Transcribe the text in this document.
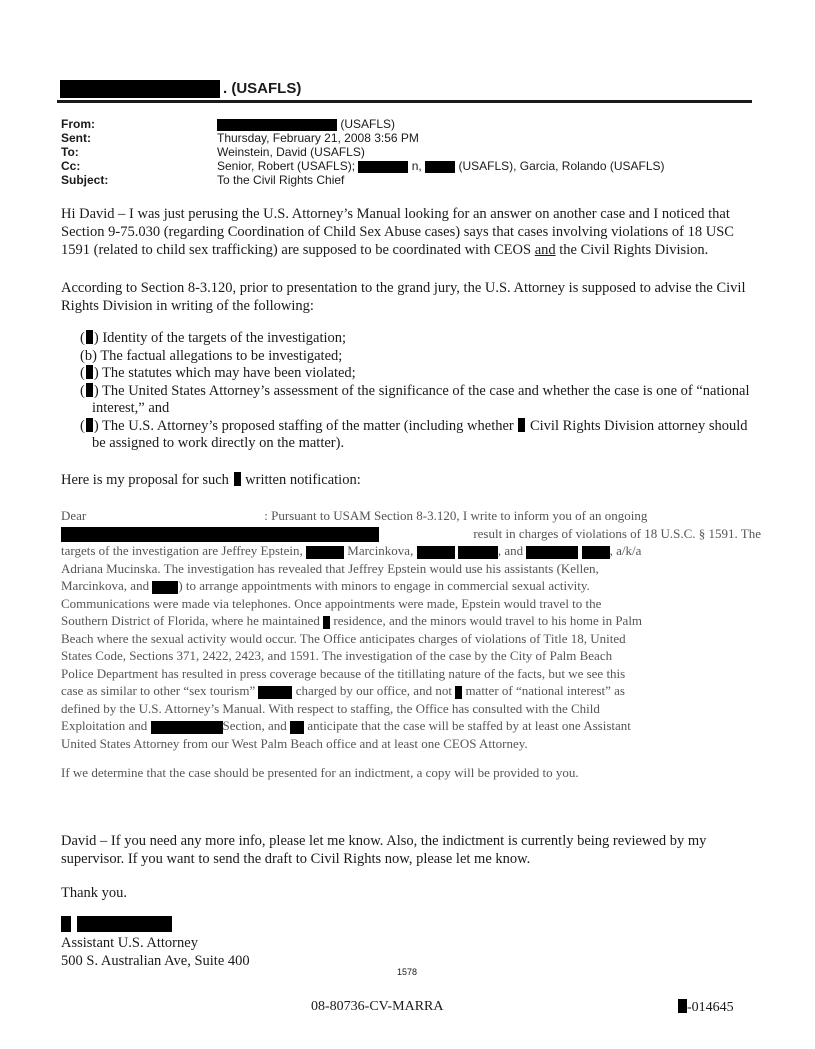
. (USAFLS)
From:	(USAFLS)
Sent:	Thursday, February 21, 2008 3:56 PM
To:	Weinstein, David (USAFLS)
Cc:	Senior, Robert (USAFLS);	n,	(USAFLS), Garcia, Rolando (USAFLS)
Subject:	To the Civil Rights Chief

Hi David – I was just perusing the U.S. Attorney’s Manual looking for an answer on another case and I noticed that Section 9-75.030 (regarding Coordination of Child Sex Abuse cases) says that cases involving violations of 18 USC 1591 (related to child sex trafficking) are supposed to be coordinated with CEOS and the Civil Rights Division.

According to Section 8-3.120, prior to presentation to the grand jury, the U.S. Attorney is supposed to advise the Civil Rights Division in writing of the following:

( ) Identity of the targets of the investigation;
(b) The factual allegations to be investigated;
( ) The statutes which may have been violated;
( ) The United States Attorney’s assessment of the significance of the case and whether the case is one of “national interest,” and
( ) The U.S. Attorney’s proposed staffing of the matter (including whether Civil Rights Division attorney should be assigned to work directly on the matter).

Here is my proposal for such written notification:

Dear	: Pursuant to USAM Section 8-3.120, I write to inform you of an ongoing
result in charges of violations of 18 U.S.C. § 1591. The
targets of the investigation are Jeffrey Epstein,	Marcinkova,	, and	, a/k/a
Adriana Mucinska. The investigation has revealed that Jeffrey Epstein would use his assistants (Kellen,
Marcinkova, and ) to arrange appointments with minors to engage in commercial sexual activity.
Communications were made via telephones. Once appointments were made, Epstein would travel to the
Southern District of Florida, where he maintained residence, and the minors would travel to his home in Palm
Beach where the sexual activity would occur. The Office anticipates charges of violations of Title 18, United
States Code, Sections 371, 2422, 2423, and 1591. The investigation of the case by the City of Palm Beach
Police Department has resulted in press coverage because of the titillating nature of the facts, but we see this
case as similar to other “sex tourism”	charged by our office, and not matter of “national interest” as
defined by the U.S. Attorney’s Manual. With respect to staffing, the Office has consulted with the Child
Exploitation and	Section, and anticipate that the case will be staffed by at least one Assistant
United States Attorney from our West Palm Beach office and at least one CEOS Attorney.
If we determine that the case should be presented for an indictment, a copy will be provided to you.

David – If you need any more info, please let me know. Also, the indictment is currently being reviewed by my supervisor. If you want to send the draft to Civil Rights now, please let me know.

Thank you.

Assistant U.S. Attorney

500 S. Australian Ave, Suite 400

1578
08-80736-CV-MARRA	-014645
